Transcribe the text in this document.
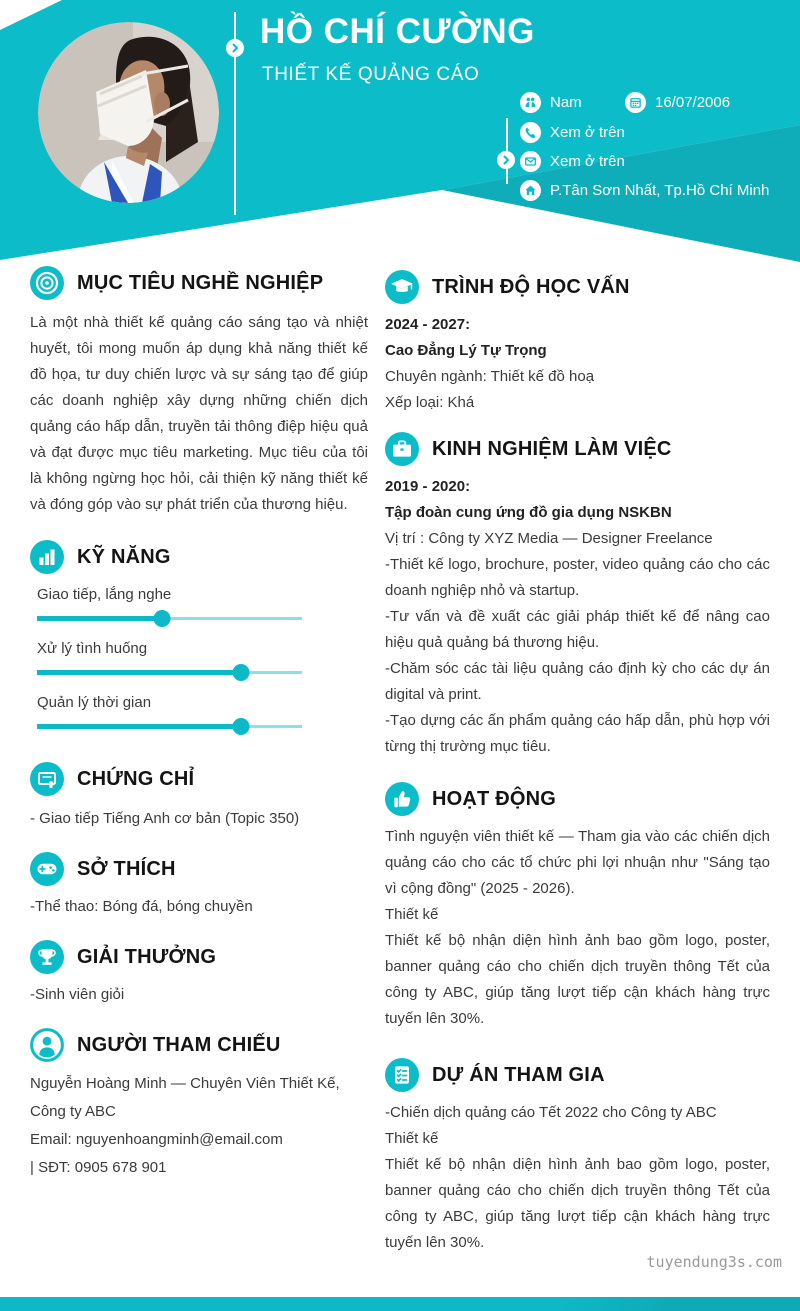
HỒ CHÍ CƯỜNG
THIẾT KẾ QUẢNG CÁO
Nam	16/07/2006
Xem ở trên
Xem ở trên
P.Tân Sơn Nhất, Tp.Hồ Chí Minh
MỤC TIÊU NGHỀ NGHIỆP

Là một nhà thiết kế quảng cáo sáng tạo và nhiệt huyết, tôi mong muốn áp dụng khả năng thiết kế đồ họa, tư duy chiến lược và sự sáng tạo để giúp các doanh nghiệp xây dựng những chiến dịch quảng cáo hấp dẫn, truyền tải thông điệp hiệu quả và đạt được mục tiêu marketing. Mục tiêu của tôi là không ngừng học hỏi, cải thiện kỹ năng thiết kế và đóng góp vào sự phát triển của thương hiệu.

KỸ NĂNG
Giao tiếp, lắng nghe
Xử lý tình huống
Quản lý thời gian
CHỨNG CHỈ

- Giao tiếp Tiếng Anh cơ bản (Topic 350)

SỞ THÍCH

-Thể thao: Bóng đá, bóng chuyền

GIẢI THƯỞNG

-Sinh viên giỏi

NGƯỜI THAM CHIẾU

Nguyễn Hoàng Minh — Chuyên Viên Thiết Kế, Công ty ABC

Email: nguyenhoangminh@email.com

| SĐT: 0905 678 901

TRÌNH ĐỘ HỌC VẤN

2024 - 2027:

Cao Đẳng Lý Tự Trọng

Chuyên ngành: Thiết kế đồ hoạ

Xếp loại: Khá

KINH NGHIỆM LÀM VIỆC

2019 - 2020:

Tập đoàn cung ứng đồ gia dụng NSKBN

Vị trí : Công ty XYZ Media — Designer Freelance

-Thiết kế logo, brochure, poster, video quảng cáo cho các doanh nghiệp nhỏ và startup.

-Tư vấn và đề xuất các giải pháp thiết kế để nâng cao hiệu quả quảng bá thương hiệu.

-Chăm sóc các tài liệu quảng cáo định kỳ cho các dự án digital và print.

-Tạo dựng các ấn phẩm quảng cáo hấp dẫn, phù hợp với từng thị trường mục tiêu.

HOẠT ĐỘNG

Tình nguyện viên thiết kế — Tham gia vào các chiến dịch quảng cáo cho các tổ chức phi lợi nhuận như "Sáng tạo vì cộng đồng" (2025 - 2026).

Thiết kế

Thiết kế bộ nhận diện hình ảnh bao gồm logo, poster, banner quảng cáo cho chiến dịch truyền thông Tết của công ty ABC, giúp tăng lượt tiếp cận khách hàng trực tuyến lên 30%.

DỰ ÁN THAM GIA

-Chiến dịch quảng cáo Tết 2022 cho Công ty ABC

Thiết kế

Thiết kế bộ nhận diện hình ảnh bao gồm logo, poster, banner quảng cáo cho chiến dịch truyền thông Tết của công ty ABC, giúp tăng lượt tiếp cận khách hàng trực tuyến lên 30%.

tuyendung3s.com
